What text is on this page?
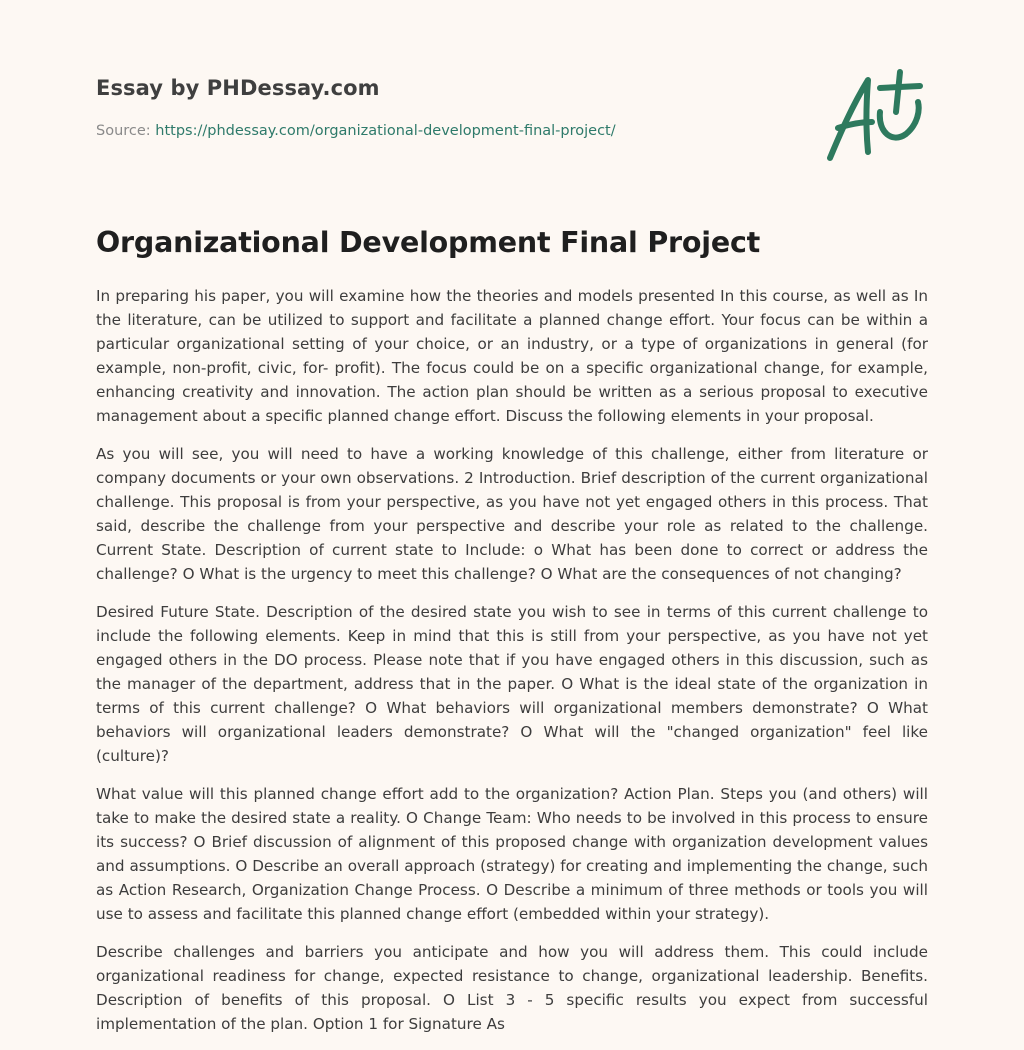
Essay by PHDessay.com

Source: https://phdessay.com/organizational-development-final-project/

Organizational Development Final Project

In preparing his paper, you will examine how the theories and models presented In this course, as well as In the literature, can be utilized to support and facilitate a planned change effort. Your focus can be within a particular organizational setting of your choice, or an industry, or a type of organizations in general (for example, non-profit, civic, for- profit). The focus could be on a specific organizational change, for example, enhancing creativity and innovation. The action plan should be written as a serious proposal to executive management about a specific planned change effort. Discuss the following elements in your proposal.

As you will see, you will need to have a working knowledge of this challenge, either from literature or company documents or your own observations. 2 Introduction. Brief description of the current organizational challenge. This proposal is from your perspective, as you have not yet engaged others in this process. That said, describe the challenge from your perspective and describe your role as related to the challenge. Current State. Description of current state to Include: o What has been done to correct or address the challenge? O What is the urgency to meet this challenge? O What are the consequences of not changing?

Desired Future State. Description of the desired state you wish to see in terms of this current challenge to include the following elements. Keep in mind that this is still from your perspective, as you have not yet engaged others in the DO process. Please note that if you have engaged others in this discussion, such as the manager of the department, address that in the paper. O What is the ideal state of the organization in terms of this current challenge? O What behaviors will organizational members demonstrate? O What behaviors will organizational leaders demonstrate? O What will the "changed organization" feel like (culture)?

What value will this planned change effort add to the organization? Action Plan. Steps you (and others) will take to make the desired state a reality. O Change Team: Who needs to be involved in this process to ensure its success? O Brief discussion of alignment of this proposed change with organization development values and assumptions. O Describe an overall approach (strategy) for creating and implementing the change, such as Action Research, Organization Change Process. O Describe a minimum of three methods or tools you will use to assess and facilitate this planned change effort (embedded within your strategy).

Describe challenges and barriers you anticipate and how you will address them. This could include organizational readiness for change, expected resistance to change, organizational leadership. Benefits. Description of benefits of this proposal. O List 3 - 5 specific results you expect from successful implementation of the plan. Option 1 for Signature As
